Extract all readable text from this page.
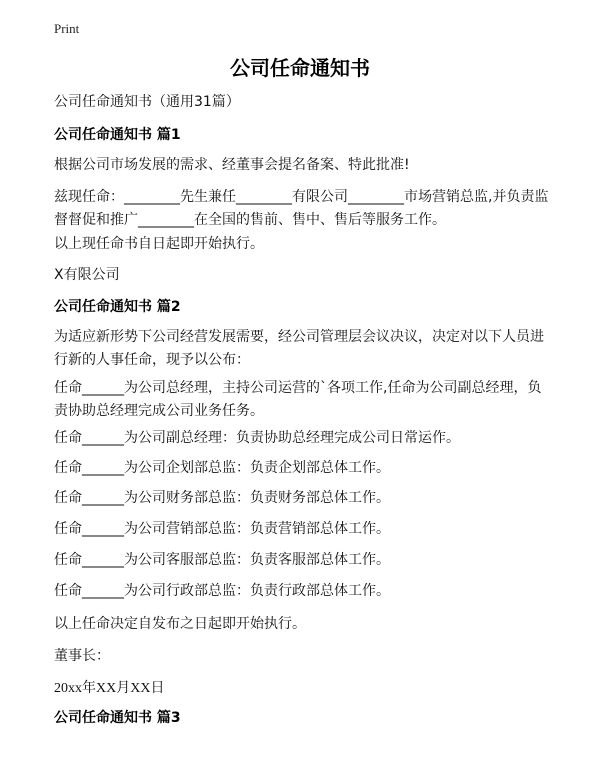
Print
公司任命通知书
公司任命通知书（通用31篇）
公司任命通知书 篇1
根据公司市场发展的需求、经董事会提名备案、特此批准!
兹现任命：________先生兼任________有限公司________市场营销总监,并负责监督督促和推广________在全国的售前、售中、售后等服务工作。
以上现任命书自日起即开始执行。
X有限公司
公司任命通知书 篇2
为适应新形势下公司经营发展需要，经公司管理层会议决议，决定对以下人员进行新的人事任命，现予以公布：
任命______为公司总经理，主持公司运营的`各项工作,任命为公司副总经理，负责协助总经理完成公司业务任务。
任命______为公司副总经理：负责协助总经理完成公司日常运作。
任命______为公司企划部总监：负责企划部总体工作。
任命______为公司财务部总监：负责财务部总体工作。
任命______为公司营销部总监：负责营销部总体工作。
任命______为公司客服部总监：负责客服部总体工作。
任命______为公司行政部总监：负责行政部总体工作。
以上任命决定自发布之日起即开始执行。
董事长：
20xx年XX月XX日
公司任命通知书 篇3
